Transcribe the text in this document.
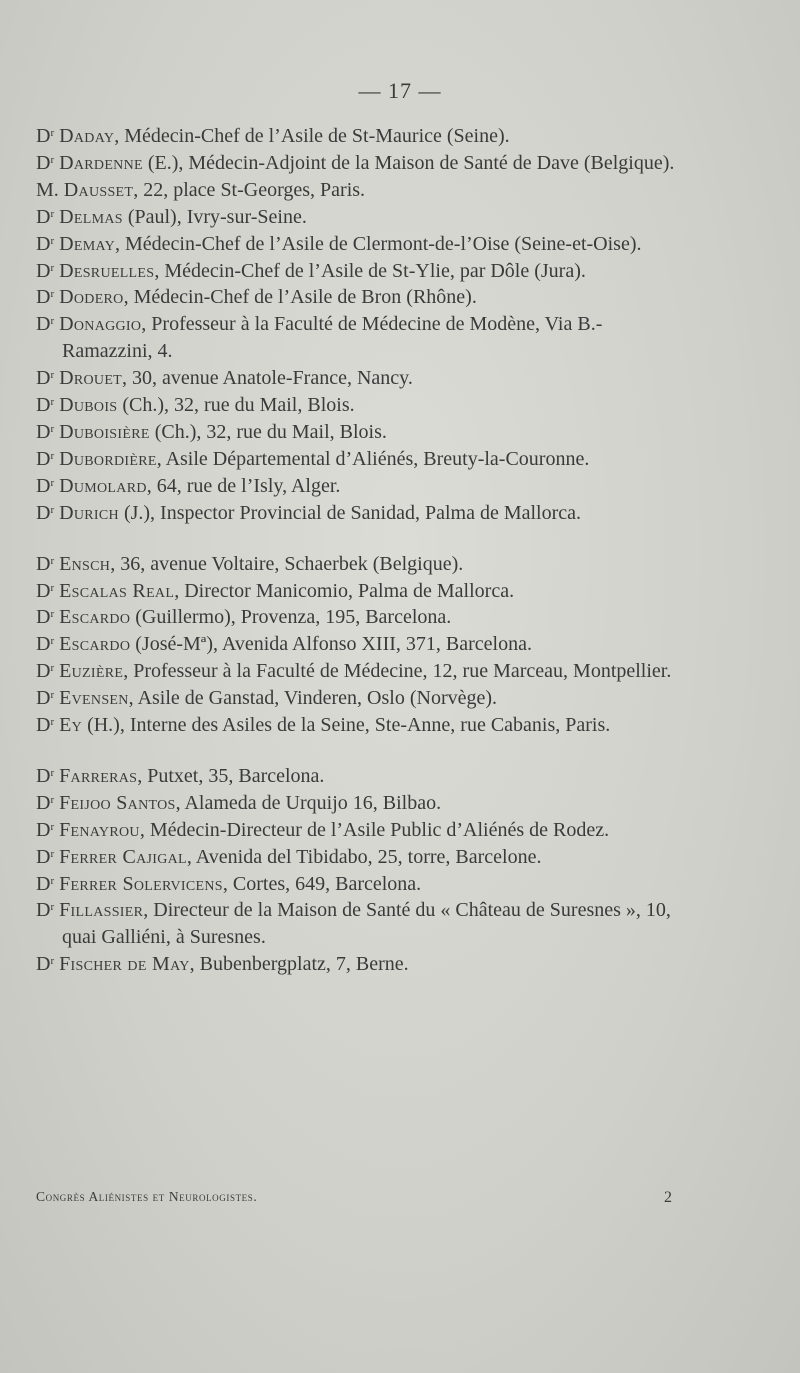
— 17 —
$D^r$ Daday, Médecin-Chef de l’Asile de St-Maurice (Seine).
$D^r$ Dardenne (E.), Médecin-Adjoint de la Maison de Santé de Dave (Belgique).
M. Dausset, 22, place St-Georges, Paris.
$D^r$ Delmas (Paul), Ivry-sur-Seine.
$D^r$ Demay, Médecin-Chef de l’Asile de Clermont-de-l’Oise (Seine-et-Oise).
$D^r$ Desruelles, Médecin-Chef de l’Asile de St-Ylie, par Dôle (Jura).
$D^r$ Dodero, Médecin-Chef de l’Asile de Bron (Rhône).
$D^r$ Donaggio, Professeur à la Faculté de Médecine de Modène, Via B.-Ramazzini, 4.
$D^r$ Drouet, 30, avenue Anatole-France, Nancy.
$D^r$ Dubois (Ch.), 32, rue du Mail, Blois.
$D^r$ Duboisière (Ch.), 32, rue du Mail, Blois.
$D^r$ Dubordière, Asile Départemental d’Aliénés, Breuty-la-Couronne.
$D^r$ Dumolard, 64, rue de l’Isly, Alger.
$D^r$ Durich (J.), Inspector Provincial de Sanidad, Palma de Mallorca.
$D^r$ Ensch, 36, avenue Voltaire, Schaerbek (Belgique).
$D^r$ Escalas Real, Director Manicomio, Palma de Mallorca.
$D^r$ Escardo (Guillermo), Provenza, 195, Barcelona.
$D^r$ Escardo (José-Mª), Avenida Alfonso XIII, 371, Barcelona.
$D^r$ Euzière, Professeur à la Faculté de Médecine, 12, rue Marceau, Montpellier.
$D^r$ Evensen, Asile de Ganstad, Vinderen, Oslo (Norvège).
$D^r$ Ey (H.), Interne des Asiles de la Seine, Ste-Anne, rue Cabanis, Paris.
$D^r$ Farreras, Putxet, 35, Barcelona.
$D^r$ Feijoo Santos, Alameda de Urquijo 16, Bilbao.
$D^r$ Fenayrou, Médecin-Directeur de l’Asile Public d’Aliénés de Rodez.
$D^r$ Ferrer Cajigal, Avenida del Tibidabo, 25, torre, Barcelone.
$D^r$ Ferrer Solervicens, Cortes, 649, Barcelona.
$D^r$ Fillassier, Directeur de la Maison de Santé du « Château de Suresnes », 10, quai Galliéni, à Suresnes.
$D^r$ Fischer de May, Bubenbergplatz, 7, Berne.
Congrès Aliénistes et Neurologistes.	2
